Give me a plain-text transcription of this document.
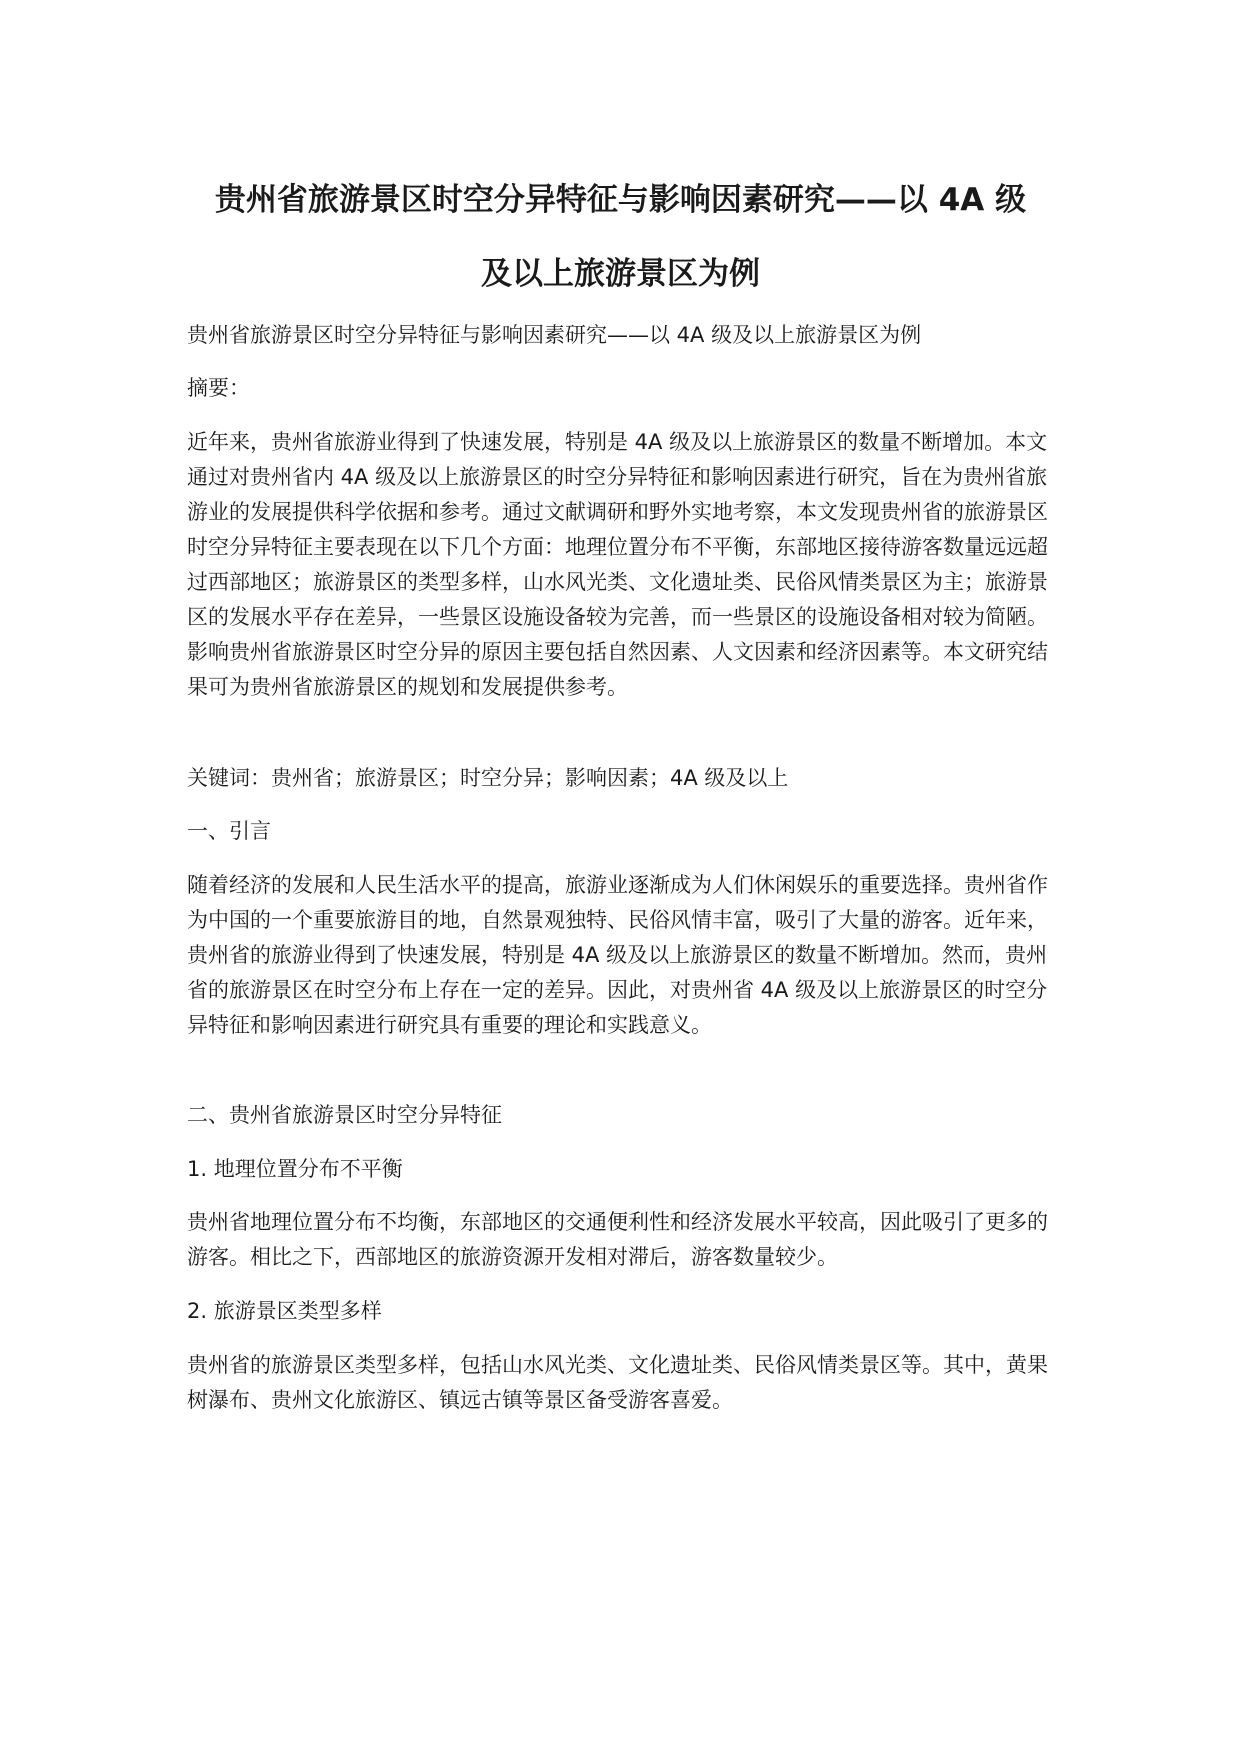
贵州省旅游景区时空分异特征与影响因素研究——以 4A 级
及以上旅游景区为例

贵州省旅游景区时空分异特征与影响因素研究——以 4A 级及以上旅游景区为例

摘要：

近年来，贵州省旅游业得到了快速发展，特别是 4A 级及以上旅游景区的数量不断增加。本文通过对贵州省内 4A 级及以上旅游景区的时空分异特征和影响因素进行研究，旨在为贵州省旅游业的发展提供科学依据和参考。通过文献调研和野外实地考察，本文发现贵州省的旅游景区时空分异特征主要表现在以下几个方面：地理位置分布不平衡，东部地区接待游客数量远远超过西部地区；旅游景区的类型多样，山水风光类、文化遗址类、民俗风情类景区为主；旅游景区的发展水平存在差异，一些景区设施设备较为完善，而一些景区的设施设备相对较为简陋。影响贵州省旅游景区时空分异的原因主要包括自然因素、人文因素和经济因素等。本文研究结果可为贵州省旅游景区的规划和发展提供参考。

关键词：贵州省；旅游景区；时空分异；影响因素；4A 级及以上

一、引言

随着经济的发展和人民生活水平的提高，旅游业逐渐成为人们休闲娱乐的重要选择。贵州省作为中国的一个重要旅游目的地，自然景观独特、民俗风情丰富，吸引了大量的游客。近年来，贵州省的旅游业得到了快速发展，特别是 4A 级及以上旅游景区的数量不断增加。然而，贵州省的旅游景区在时空分布上存在一定的差异。因此，对贵州省 4A 级及以上旅游景区的时空分异特征和影响因素进行研究具有重要的理论和实践意义。

二、贵州省旅游景区时空分异特征

1. 地理位置分布不平衡

贵州省地理位置分布不均衡，东部地区的交通便利性和经济发展水平较高，因此吸引了更多的游客。相比之下，西部地区的旅游资源开发相对滞后，游客数量较少。

2. 旅游景区类型多样

贵州省的旅游景区类型多样，包括山水风光类、文化遗址类、民俗风情类景区等。其中，黄果树瀑布、贵州文化旅游区、镇远古镇等景区备受游客喜爱。
